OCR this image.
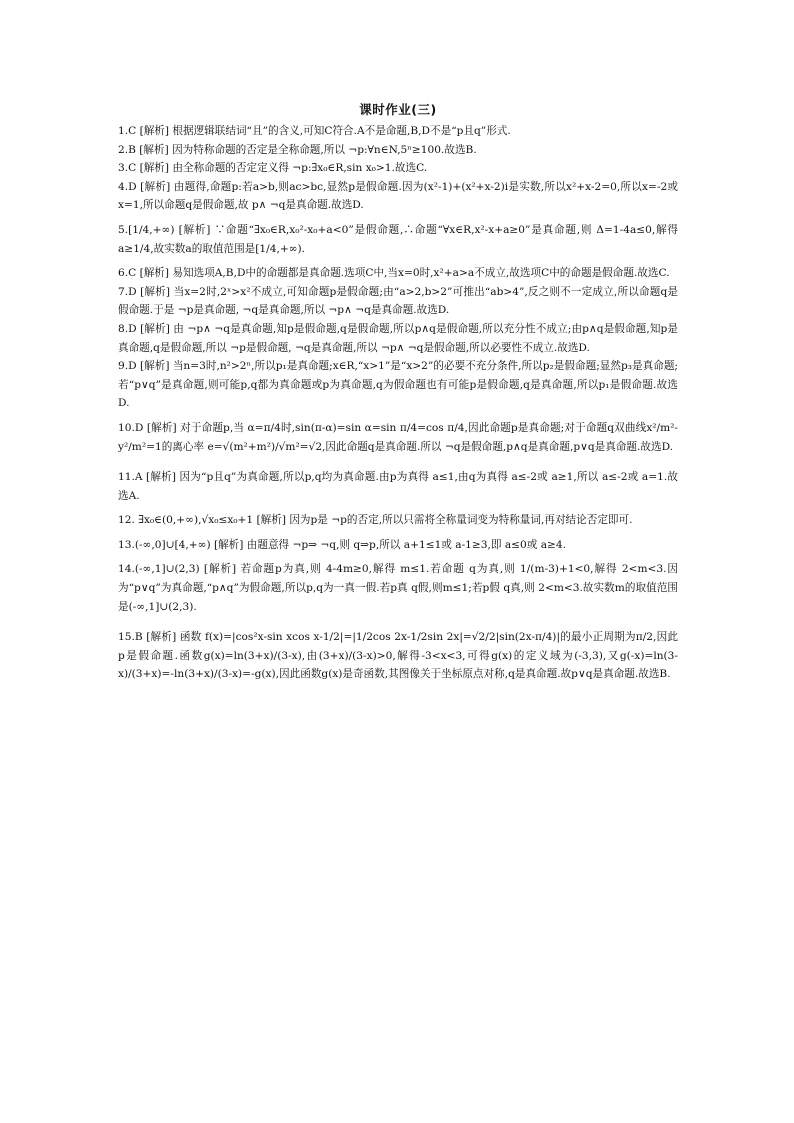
课时作业(三)

1.C [解析] 根据逻辑联结词“且”的含义,可知C符合.A不是命题,B,D不是“p且q”形式.

2.B [解析] 因为特称命题的否定是全称命题,所以 ¬p:∀n∈N,5ⁿ≥100.故选B.

3.C [解析] 由全称命题的否定定义得 ¬p:∃x₀∈R,sin x₀>1.故选C.

4.D [解析] 由题得,命题p:若a>b,则ac>bc,显然p是假命题.因为(x²-1)+(x²+x-2)i是实数,所以x²+x-2=0,所以x=-2或x=1,所以命题q是假命题,故 p∧ ¬q是真命题.故选D.

5.[1/4,+∞) [解析] ∵命题“∃x₀∈R,x₀²-x₀+a<0”是假命题,∴命题“∀x∈R,x²-x+a≥0”是真命题,则 Δ=1-4a≤0,解得 a≥1/4,故实数a的取值范围是[1/4,+∞).

6.C [解析] 易知选项A,B,D中的命题都是真命题.选项C中,当x=0时,x²+a>a不成立,故选项C中的命题是假命题.故选C.

7.D [解析] 当x=2时,2ˣ>x²不成立,可知命题p是假命题;由“a>2,b>2”可推出“ab>4”,反之则不一定成立,所以命题q是假命题.于是 ¬p是真命题, ¬q是真命题,所以 ¬p∧ ¬q是真命题.故选D.

8.D [解析] 由 ¬p∧ ¬q是真命题,知p是假命题,q是假命题,所以p∧q是假命题,所以充分性不成立;由p∧q是假命题,知p是真命题,q是假命题,所以 ¬p是假命题, ¬q是真命题,所以 ¬p∧ ¬q是假命题,所以必要性不成立.故选D.

9.D [解析] 当n=3时,n²>2ⁿ,所以p₁是真命题;x∈R,“x>1”是“x>2”的必要不充分条件,所以p₂是假命题;显然p₃是真命题;若“p∨q”是真命题,则可能p,q都为真命题或p为真命题,q为假命题也有可能p是假命题,q是真命题,所以p₁是假命题.故选D.

10.D [解析] 对于命题p,当 α=π/4时,sin(π-α)=sin α=sin π/4=cos π/4,因此命题p是真命题;对于命题q双曲线x²/m²-y²/m²=1的离心率 e=√(m²+m²)/√m²=√2,因此命题q是真命题.所以 ¬q是假命题,p∧q是真命题,p∨q是真命题.故选D.

11.A [解析] 因为“p且q”为真命题,所以p,q均为真命题.由p为真得 a≤1,由q为真得 a≤-2或 a≥1,所以 a≤-2或 a=1.故选A.

12. ∃x₀∈(0,+∞),√x₀≤x₀+1 [解析] 因为p是 ¬p的否定,所以只需将全称量词变为特称量词,再对结论否定即可.

13.(-∞,0]∪[4,+∞) [解析] 由题意得 ¬p⇒ ¬q,则 q⇒p,所以 a+1≤1或 a-1≥3,即 a≤0或 a≥4.

14.(-∞,1]∪(2,3) [解析] 若命题p为真,则 4-4m≥0,解得 m≤1.若命题 q为真,则 1/(m-3)+1<0,解得 2<m<3.因为“p∨q”为真命题,“p∧q”为假命题,所以p,q为一真一假.若p真 q假,则m≤1;若p假 q真,则 2<m<3.故实数m的取值范围是(-∞,1]∪(2,3).

15.B [解析] 函数 f(x)=|cos²x-sin xcos x-1/2|=|1/2cos 2x-1/2sin 2x|=√2/2|sin(2x-π/4)|的最小正周期为π/2,因此p是假命题.函数g(x)=ln(3+x)/(3-x),由(3+x)/(3-x)>0,解得-3<x<3,可得g(x)的定义域为(-3,3),又g(-x)=ln(3-x)/(3+x)=-ln(3+x)/(3-x)=-g(x),因此函数g(x)是奇函数,其图像关于坐标原点对称,q是真命题.故p∨q是真命题.故选B.
